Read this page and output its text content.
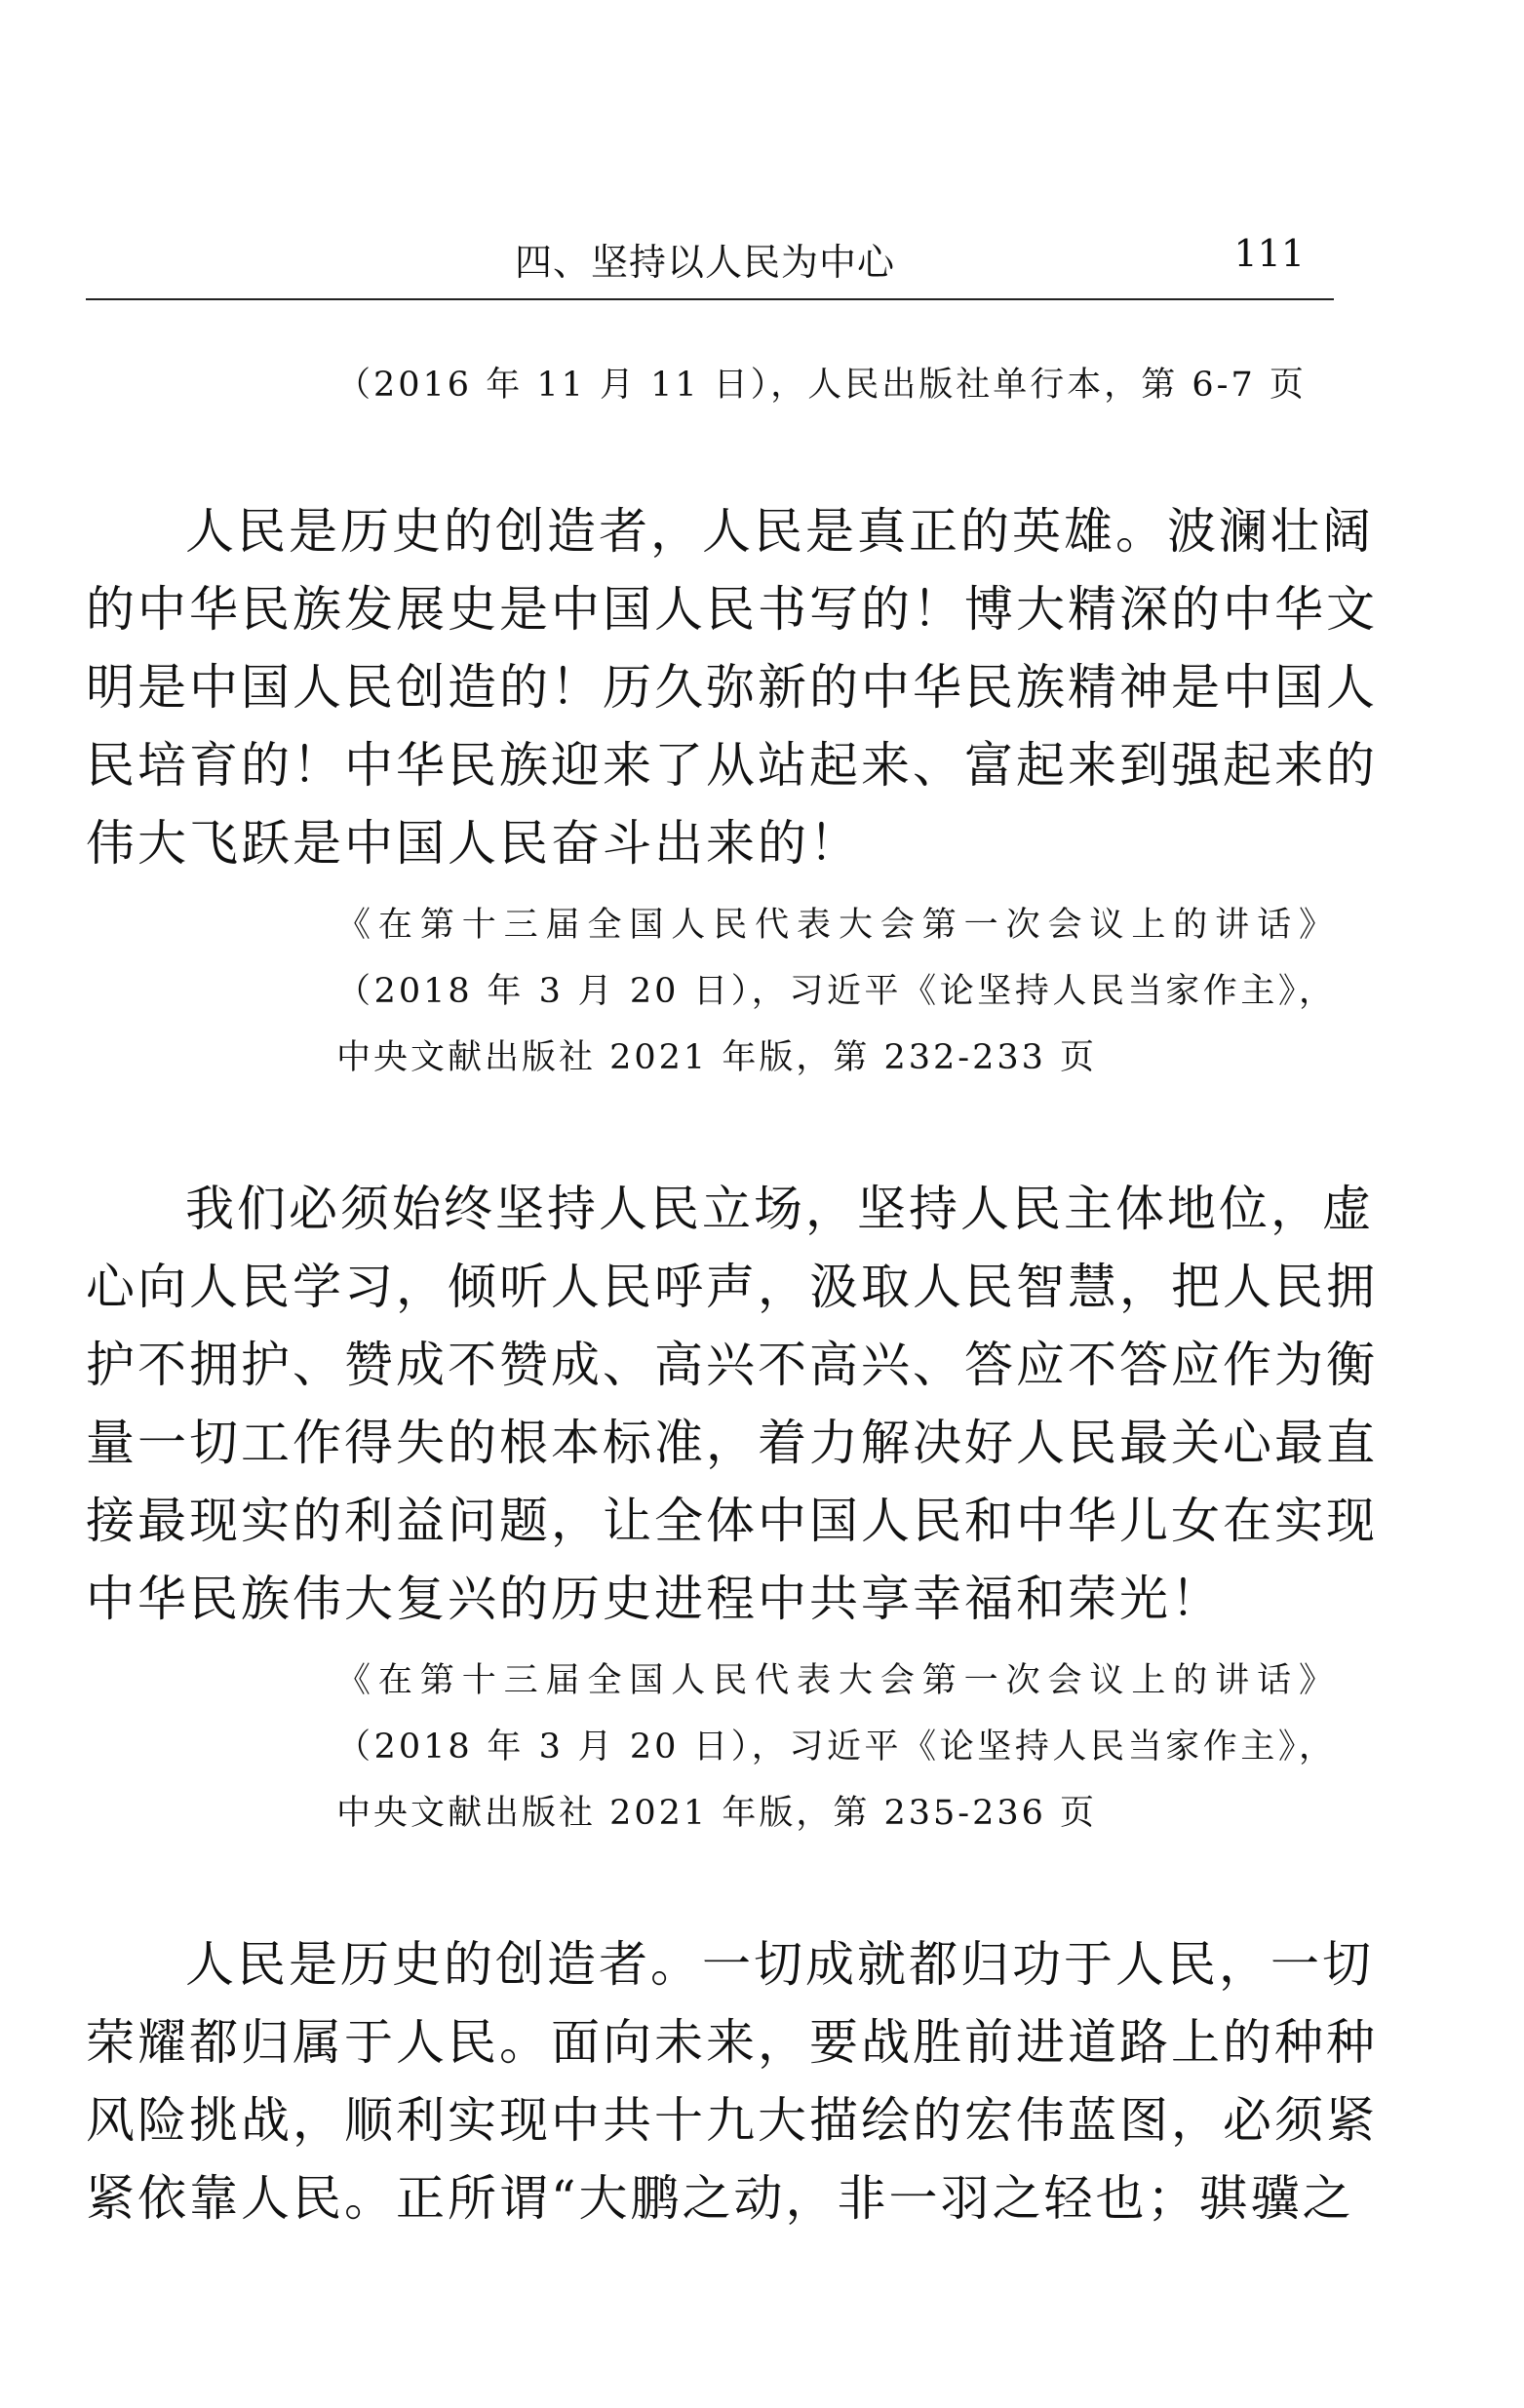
四、坚持以人民为中心	111
（2016 年 11 月 11 日），人民出版社单行本，第 6-7 页
人民是历史的创造者，人民是真正的英雄。波澜壮阔
的中华民族发展史是中国人民书写的！博大精深的中华文
明是中国人民创造的！历久弥新的中华民族精神是中国人
民培育的！中华民族迎来了从站起来、富起来到强起来的
伟大飞跃是中国人民奋斗出来的！
《在第十三届全国人民代表大会第一次会议上的讲话》
（2018 年 3 月 20 日），习近平《论坚持人民当家作主》，
中央文献出版社 2021 年版，第 232-233 页
我们必须始终坚持人民立场，坚持人民主体地位，虚
心向人民学习，倾听人民呼声，汲取人民智慧，把人民拥
护不拥护、赞成不赞成、高兴不高兴、答应不答应作为衡
量一切工作得失的根本标准，着力解决好人民最关心最直
接最现实的利益问题，让全体中国人民和中华儿女在实现
中华民族伟大复兴的历史进程中共享幸福和荣光！
《在第十三届全国人民代表大会第一次会议上的讲话》
（2018 年 3 月 20 日），习近平《论坚持人民当家作主》，
中央文献出版社 2021 年版，第 235-236 页
人民是历史的创造者。一切成就都归功于人民，一切
荣耀都归属于人民。面向未来，要战胜前进道路上的种种
风险挑战，顺利实现中共十九大描绘的宏伟蓝图，必须紧
紧依靠人民。正所谓“大鹏之动，非一羽之轻也；骐骥之
